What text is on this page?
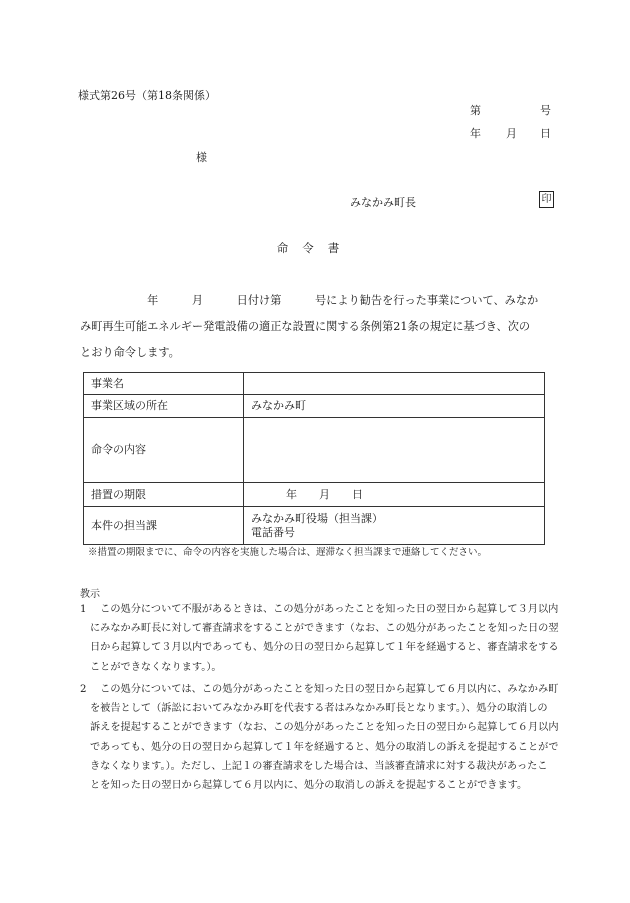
様式第26号（第18条関係）
第	号
年 月 日
様
みなかみ町長	印
命令書
　　　　　　年　　　月　　　日付け第　　　号により勧告を行った事業について、みなか
み町再生可能エネルギー発電設備の適正な設置に関する条例第21条の規定に基づき、次の
とおり命令します。
事業名	
事業区域の所在	みなかみ町
命令の内容	
措置の期限	年　　月　　日
本件の担当課	みなかみ町役場（担当課）
電話番号
※措置の期限までに、命令の内容を実施した場合は、遅滞なく担当課まで連絡してください。
教示
1 　この処分について不服があるときは、この処分があったことを知った日の翌日から起算して３月以内
にみなかみ町長に対して審査請求をすることができます（なお、この処分があったことを知った日の翌
日から起算して３月以内であっても、処分の日の翌日から起算して１年を経過すると、審査請求をする
ことができなくなります。）。
2 　この処分については、この処分があったことを知った日の翌日から起算して６月以内に、みなかみ町
を被告として（訴訟においてみなかみ町を代表する者はみなかみ町長となります。）、処分の取消しの
訴えを提起することができます（なお、この処分があったことを知った日の翌日から起算して６月以内
であっても、処分の日の翌日から起算して１年を経過すると、処分の取消しの訴えを提起することがで
きなくなります。）。ただし、上記１の審査請求をした場合は、当該審査請求に対する裁決があったこ
とを知った日の翌日から起算して６月以内に、処分の取消しの訴えを提起することができます。
